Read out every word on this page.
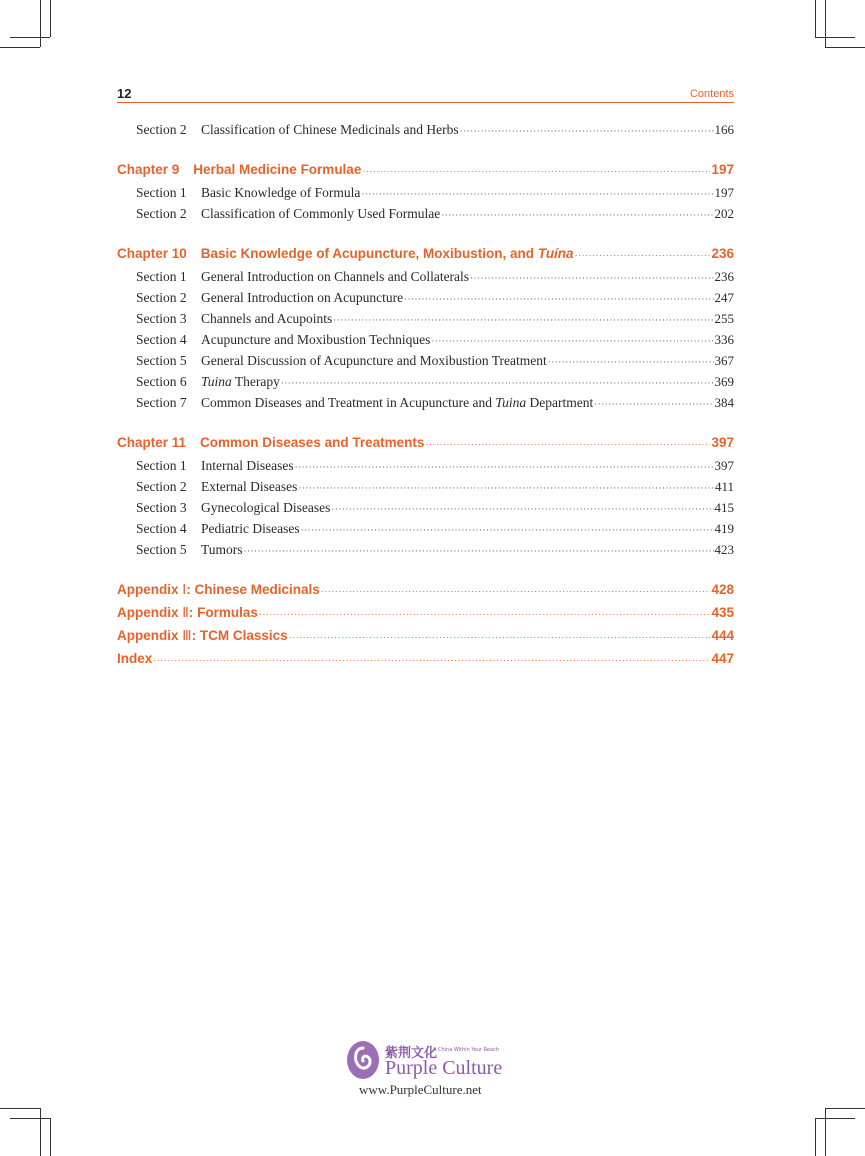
12	Contents
Section 2	Classification of Chinese Medicinals and Herbs ·····	166
Chapter 9 Herbal Medicine Formulae ·····	197
Section 1	Basic Knowledge of Formula ·····	197
Section 2	Classification of Commonly Used Formulae ·····	202
Chapter 10 Basic Knowledge of Acupuncture, Moxibustion, and Tuína ·····	236
Section 1	General Introduction on Channels and Collaterals ·····	236
Section 2	General Introduction on Acupuncture ·····	247
Section 3	Channels and Acupoints ·····	255
Section 4	Acupuncture and Moxibustion Techniques ·····	336
Section 5	General Discussion of Acupuncture and Moxibustion Treatment ·····	367
Section 6	Tuina Therapy ·····	369
Section 7	Common Diseases and Treatment in Acupuncture and Tuina Department ·····	384
Chapter 11 Common Diseases and Treatments ·····	397
Section 1	Internal Diseases ·····	397
Section 2	External Diseases ·····	411
Section 3	Gynecological Diseases ·····	415
Section 4	Pediatric Diseases ·····	419
Section 5	Tumors ·····	423
Appendix Ⅰ: Chinese Medicinals ·····	428
Appendix Ⅱ: Formulas ·····	435
Appendix Ⅲ: TCM Classics ·····	444
Index ·····	447
紫荆文化
A China Within Your Reach
Purple Culture
www.PurpleCulture.net
